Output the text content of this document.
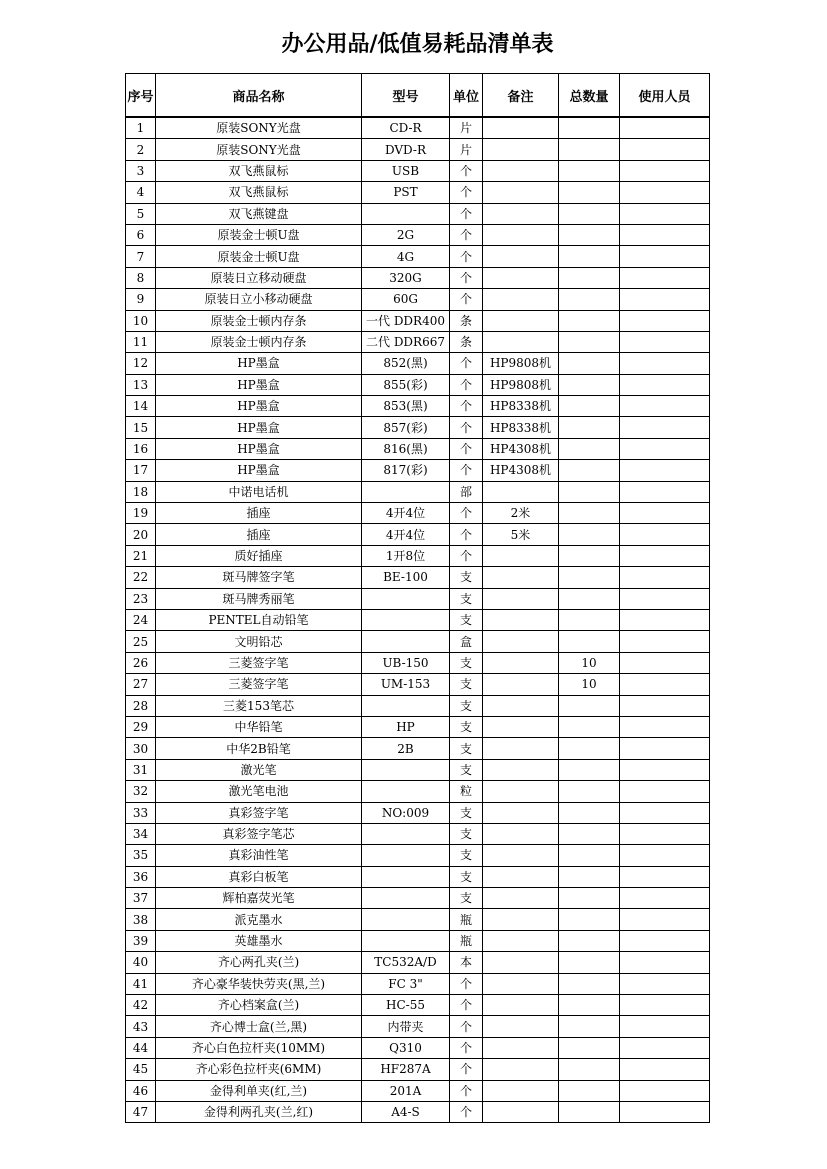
办公用品/低值易耗品清单表
序号	商品名称	型号	单位	备注	总数量	使用人员
1	原装SONY光盘	CD-R	片			
2	原装SONY光盘	DVD-R	片			
3	双飞燕鼠标	USB	个			
4	双飞燕鼠标	PST	个			
5	双飞燕键盘		个			
6	原装金士顿U盘	2G	个			
7	原装金士顿U盘	4G	个			
8	原装日立移动硬盘	320G	个			
9	原装日立小移动硬盘	60G	个			
10	原装金士顿内存条	一代 DDR400	条			
11	原装金士顿内存条	二代 DDR667	条			
12	HP墨盒	852(黑)	个	HP9808机		
13	HP墨盒	855(彩)	个	HP9808机		
14	HP墨盒	853(黑)	个	HP8338机		
15	HP墨盒	857(彩)	个	HP8338机		
16	HP墨盒	816(黑)	个	HP4308机		
17	HP墨盒	817(彩)	个	HP4308机		
18	中诺电话机		部			
19	插座	4开4位	个	2米		
20	插座	4开4位	个	5米		
21	质好插座	1开8位	个			
22	斑马牌签字笔	BE-100	支			
23	斑马牌秀丽笔		支			
24	PENTEL自动铅笔		支			
25	文明铅芯		盒			
26	三菱签字笔	UB-150	支		10	
27	三菱签字笔	UM-153	支		10	
28	三菱153笔芯		支			
29	中华铅笔	HP	支			
30	中华2B铅笔	2B	支			
31	激光笔		支			
32	激光笔电池		粒			
33	真彩签字笔	NO:009	支			
34	真彩签字笔芯		支			
35	真彩油性笔		支			
36	真彩白板笔		支			
37	辉柏嘉荧光笔		支			
38	派克墨水		瓶			
39	英雄墨水		瓶			
40	齐心两孔夹(兰)	TC532A/D	本			
41	齐心豪华装快劳夹(黑,兰)	FC 3"	个			
42	齐心档案盒(兰)	HC-55	个			
43	齐心博士盒(兰,黑)	内带夹	个			
44	齐心白色拉杆夹(10MM)	Q310	个			
45	齐心彩色拉杆夹(6MM)	HF287A	个			
46	金得利单夹(红,兰)	201A	个			
47	金得利两孔夹(兰,红)	A4-S	个			
